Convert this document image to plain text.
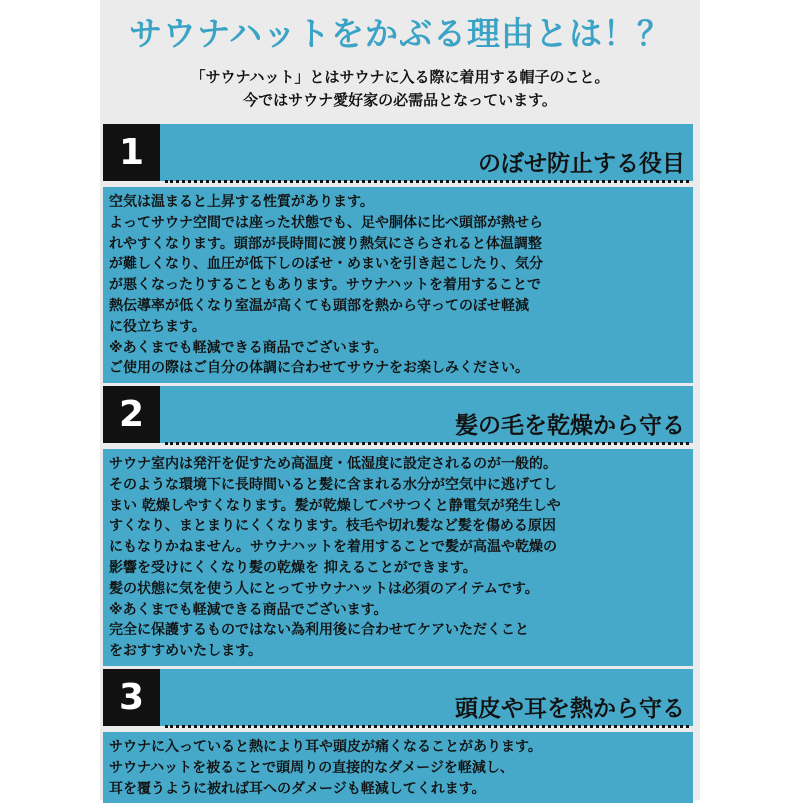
サウナハットをかぶる理由とは！？

「サウナハット」とはサウナに入る際に着用する帽子のこと。

今ではサウナ愛好家の必需品となっています。

1	のぼせ防止する役目

空気は温まると上昇する性質があります。

よってサウナ空間では座った状態でも、足や胴体に比べ頭部が熱せら

れやすくなります。頭部が長時間に渡り熱気にさらされると体温調整

が難しくなり、血圧が低下しのぼせ・めまいを引き起こしたり、気分

が悪くなったりすることもあります。サウナハットを着用することで

熱伝導率が低くなり室温が高くても頭部を熱から守ってのぼせ軽減

に役立ちます。

※あくまでも軽減できる商品でございます。

ご使用の際はご自分の体調に合わせてサウナをお楽しみください。

2	髪の毛を乾燥から守る

サウナ室内は発汗を促すため高温度・低湿度に設定されるのが一般的。

そのような環境下に長時間いると髪に含まれる水分が空気中に逃げてし

まい 乾燥しやすくなります。髪が乾燥してパサつくと静電気が発生しや

すくなり、まとまりにくくなります。枝毛や切れ髪など髪を傷める原因

にもなりかねません。サウナハットを着用することで髪が高温や乾燥の

影響を受けにくくなり髪の乾燥を 抑えることができます。

髪の状態に気を使う人にとってサウナハットは必須のアイテムです。

※あくまでも軽減できる商品でございます。

完全に保護するものではない為利用後に合わせてケアいただくこと

をおすすめいたします。

3	頭皮や耳を熱から守る

サウナに入っていると熱により耳や頭皮が痛くなることがあります。

サウナハットを被ることで頭周りの直接的なダメージを軽減し、

耳を覆うように被れば耳へのダメージも軽減してくれます。
